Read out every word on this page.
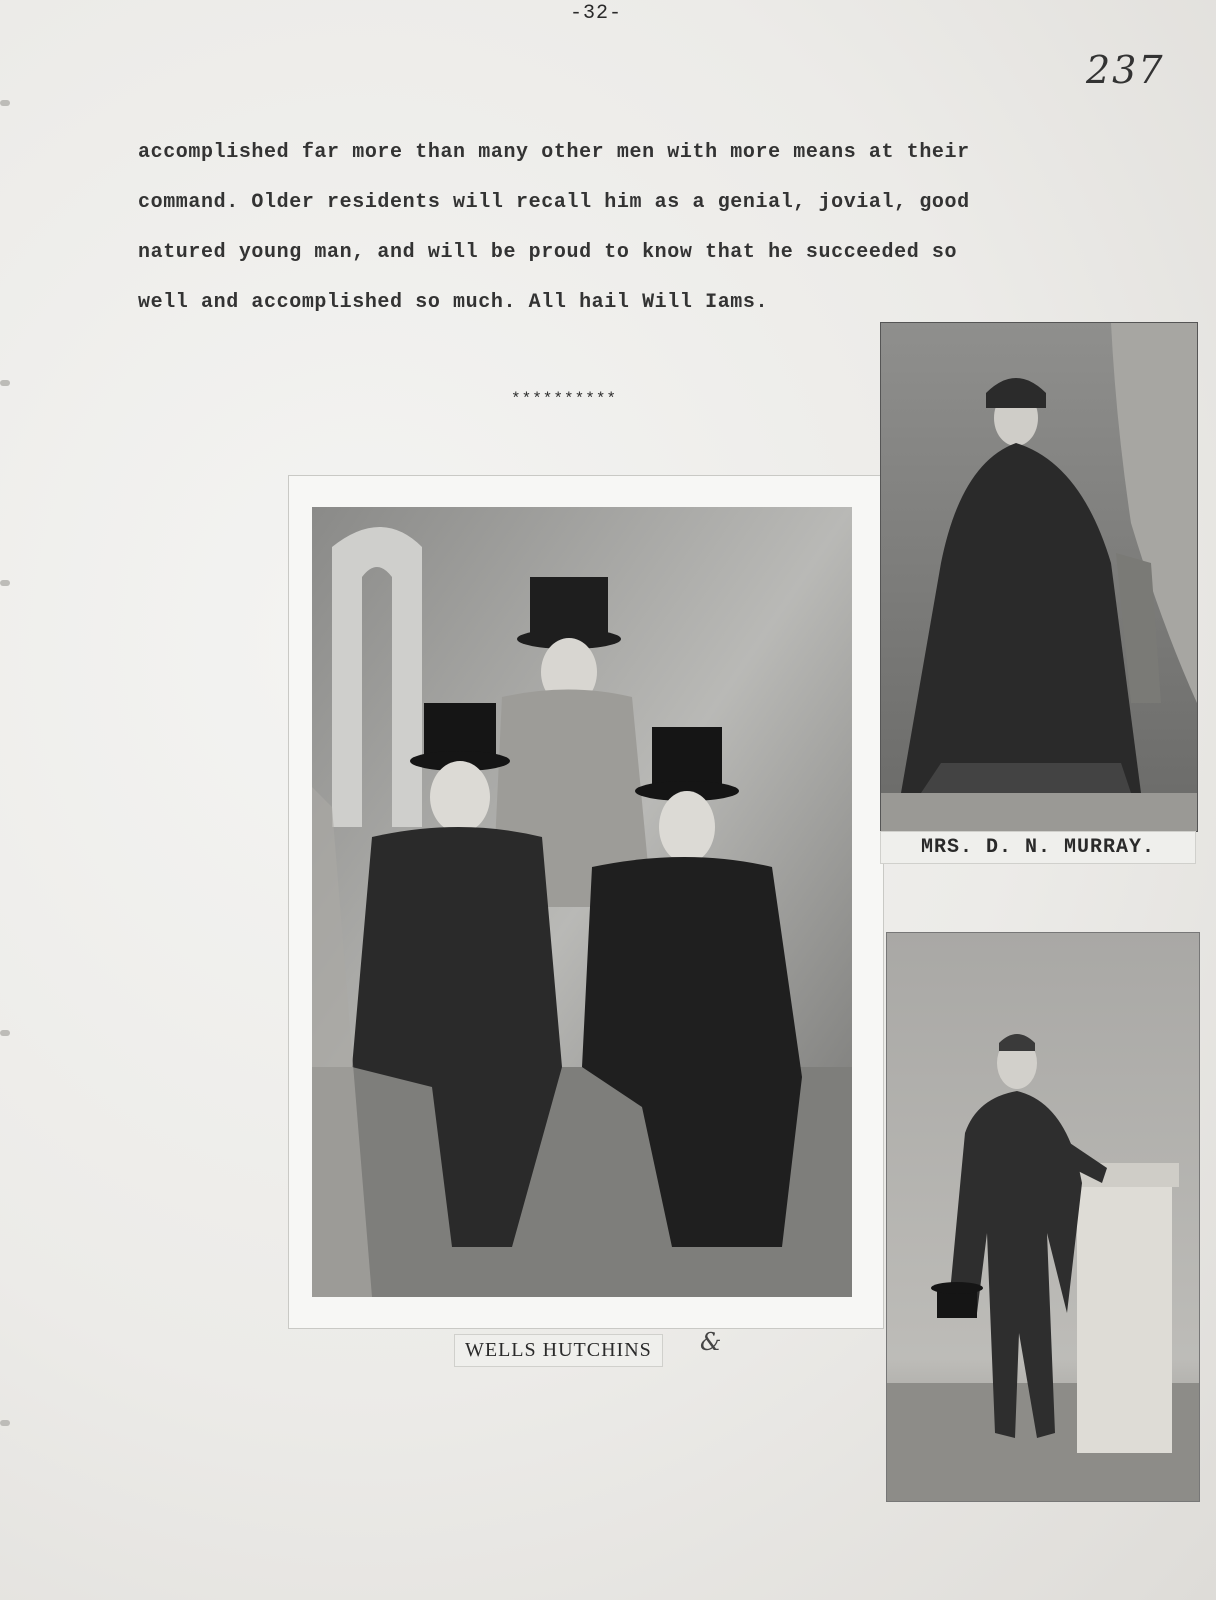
-32-
237

accomplished far more than many other men with more means at their

command. Older residents will recall him as a genial, jovial, good

natured young man, and will be proud to know that he succeeded so

well and accomplished so much. All hail Will Iams.

**********
WELLS HUTCHINS	&
MRS. D. N. MURRAY.
